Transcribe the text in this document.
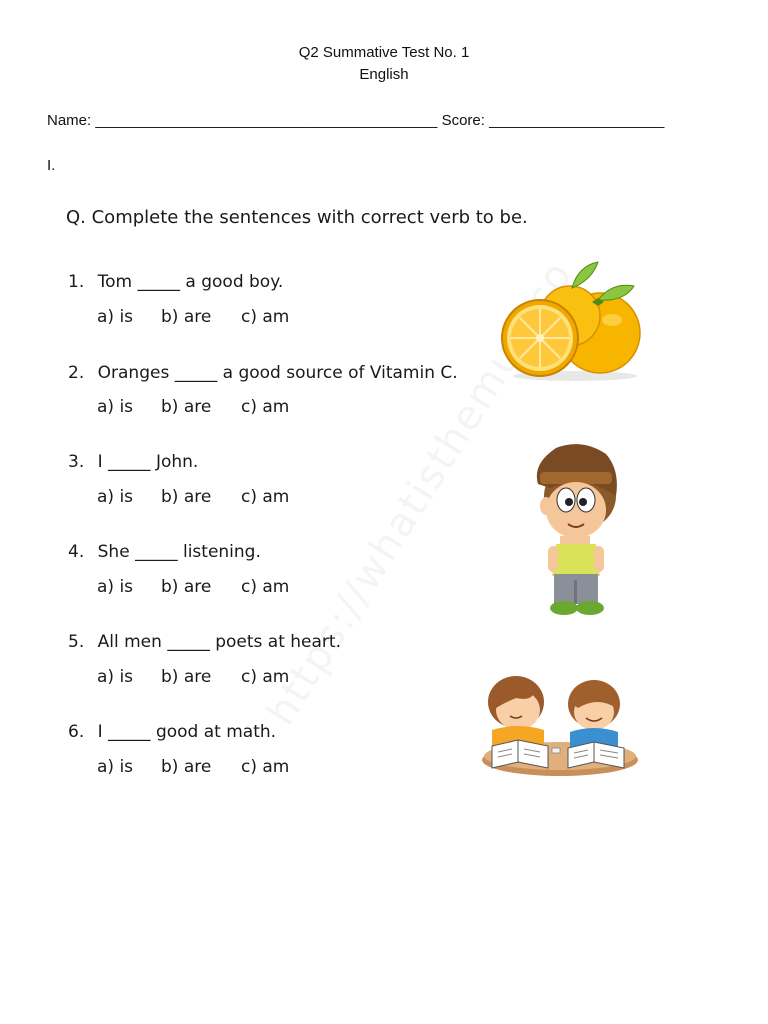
Q2 Summative Test No. 1
English
Name: _________________________________________ Score: _____________________
I.
Q. Complete the sentences with correct verb to be.
1. Tom _____ a good boy.
a) is b) are c) am
2. Oranges _____ a good source of Vitamin C.
a) is b) are c) am
3. I _____ John.
a) is b) are c) am
4. She _____ listening.
a) is b) are c) am
5. All men _____ poets at heart.
a) is b) are c) am
6. I _____ good at math.
a) is b) are c) am
